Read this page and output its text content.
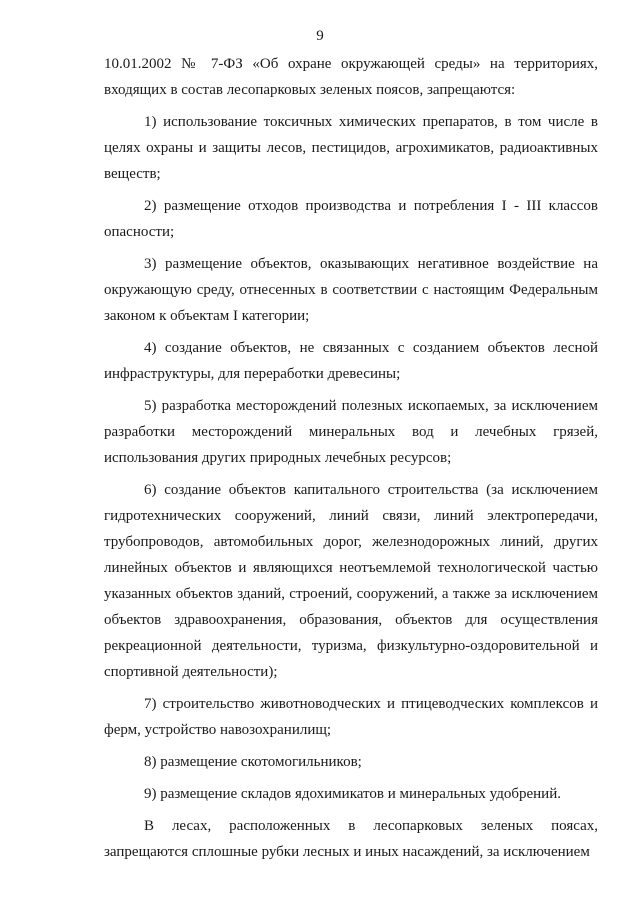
9

10.01.2002 № 7-ФЗ «Об охране окружающей среды» на территориях, входящих в состав лесопарковых зеленых поясов, запрещаются:

1) использование токсичных химических препаратов, в том числе в целях охраны и защиты лесов, пестицидов, агрохимикатов, радиоактивных веществ;

2) размещение отходов производства и потребления I - III классов опасности;

3) размещение объектов, оказывающих негативное воздействие на окружающую среду, отнесенных в соответствии с настоящим Федеральным законом к объектам I категории;

4) создание объектов, не связанных с созданием объектов лесной инфраструктуры, для переработки древесины;

5) разработка месторождений полезных ископаемых, за исключением разработки месторождений минеральных вод и лечебных грязей, использования других природных лечебных ресурсов;

6) создание объектов капитального строительства (за исключением гидротехнических сооружений, линий связи, линий электропередачи, трубопроводов, автомобильных дорог, железнодорожных линий, других линейных объектов и являющихся неотъемлемой технологической частью указанных объектов зданий, строений, сооружений, а также за исключением объектов здравоохранения, образования, объектов для осуществления рекреационной деятельности, туризма, физкультурно-оздоровительной и спортивной деятельности);

7) строительство животноводческих и птицеводческих комплексов и ферм, устройство навозохранилищ;

8) размещение скотомогильников;

9) размещение складов ядохимикатов и минеральных удобрений.

В лесах, расположенных в лесопарковых зеленых поясах, запрещаются сплошные рубки лесных и иных насаждений, за исключением
